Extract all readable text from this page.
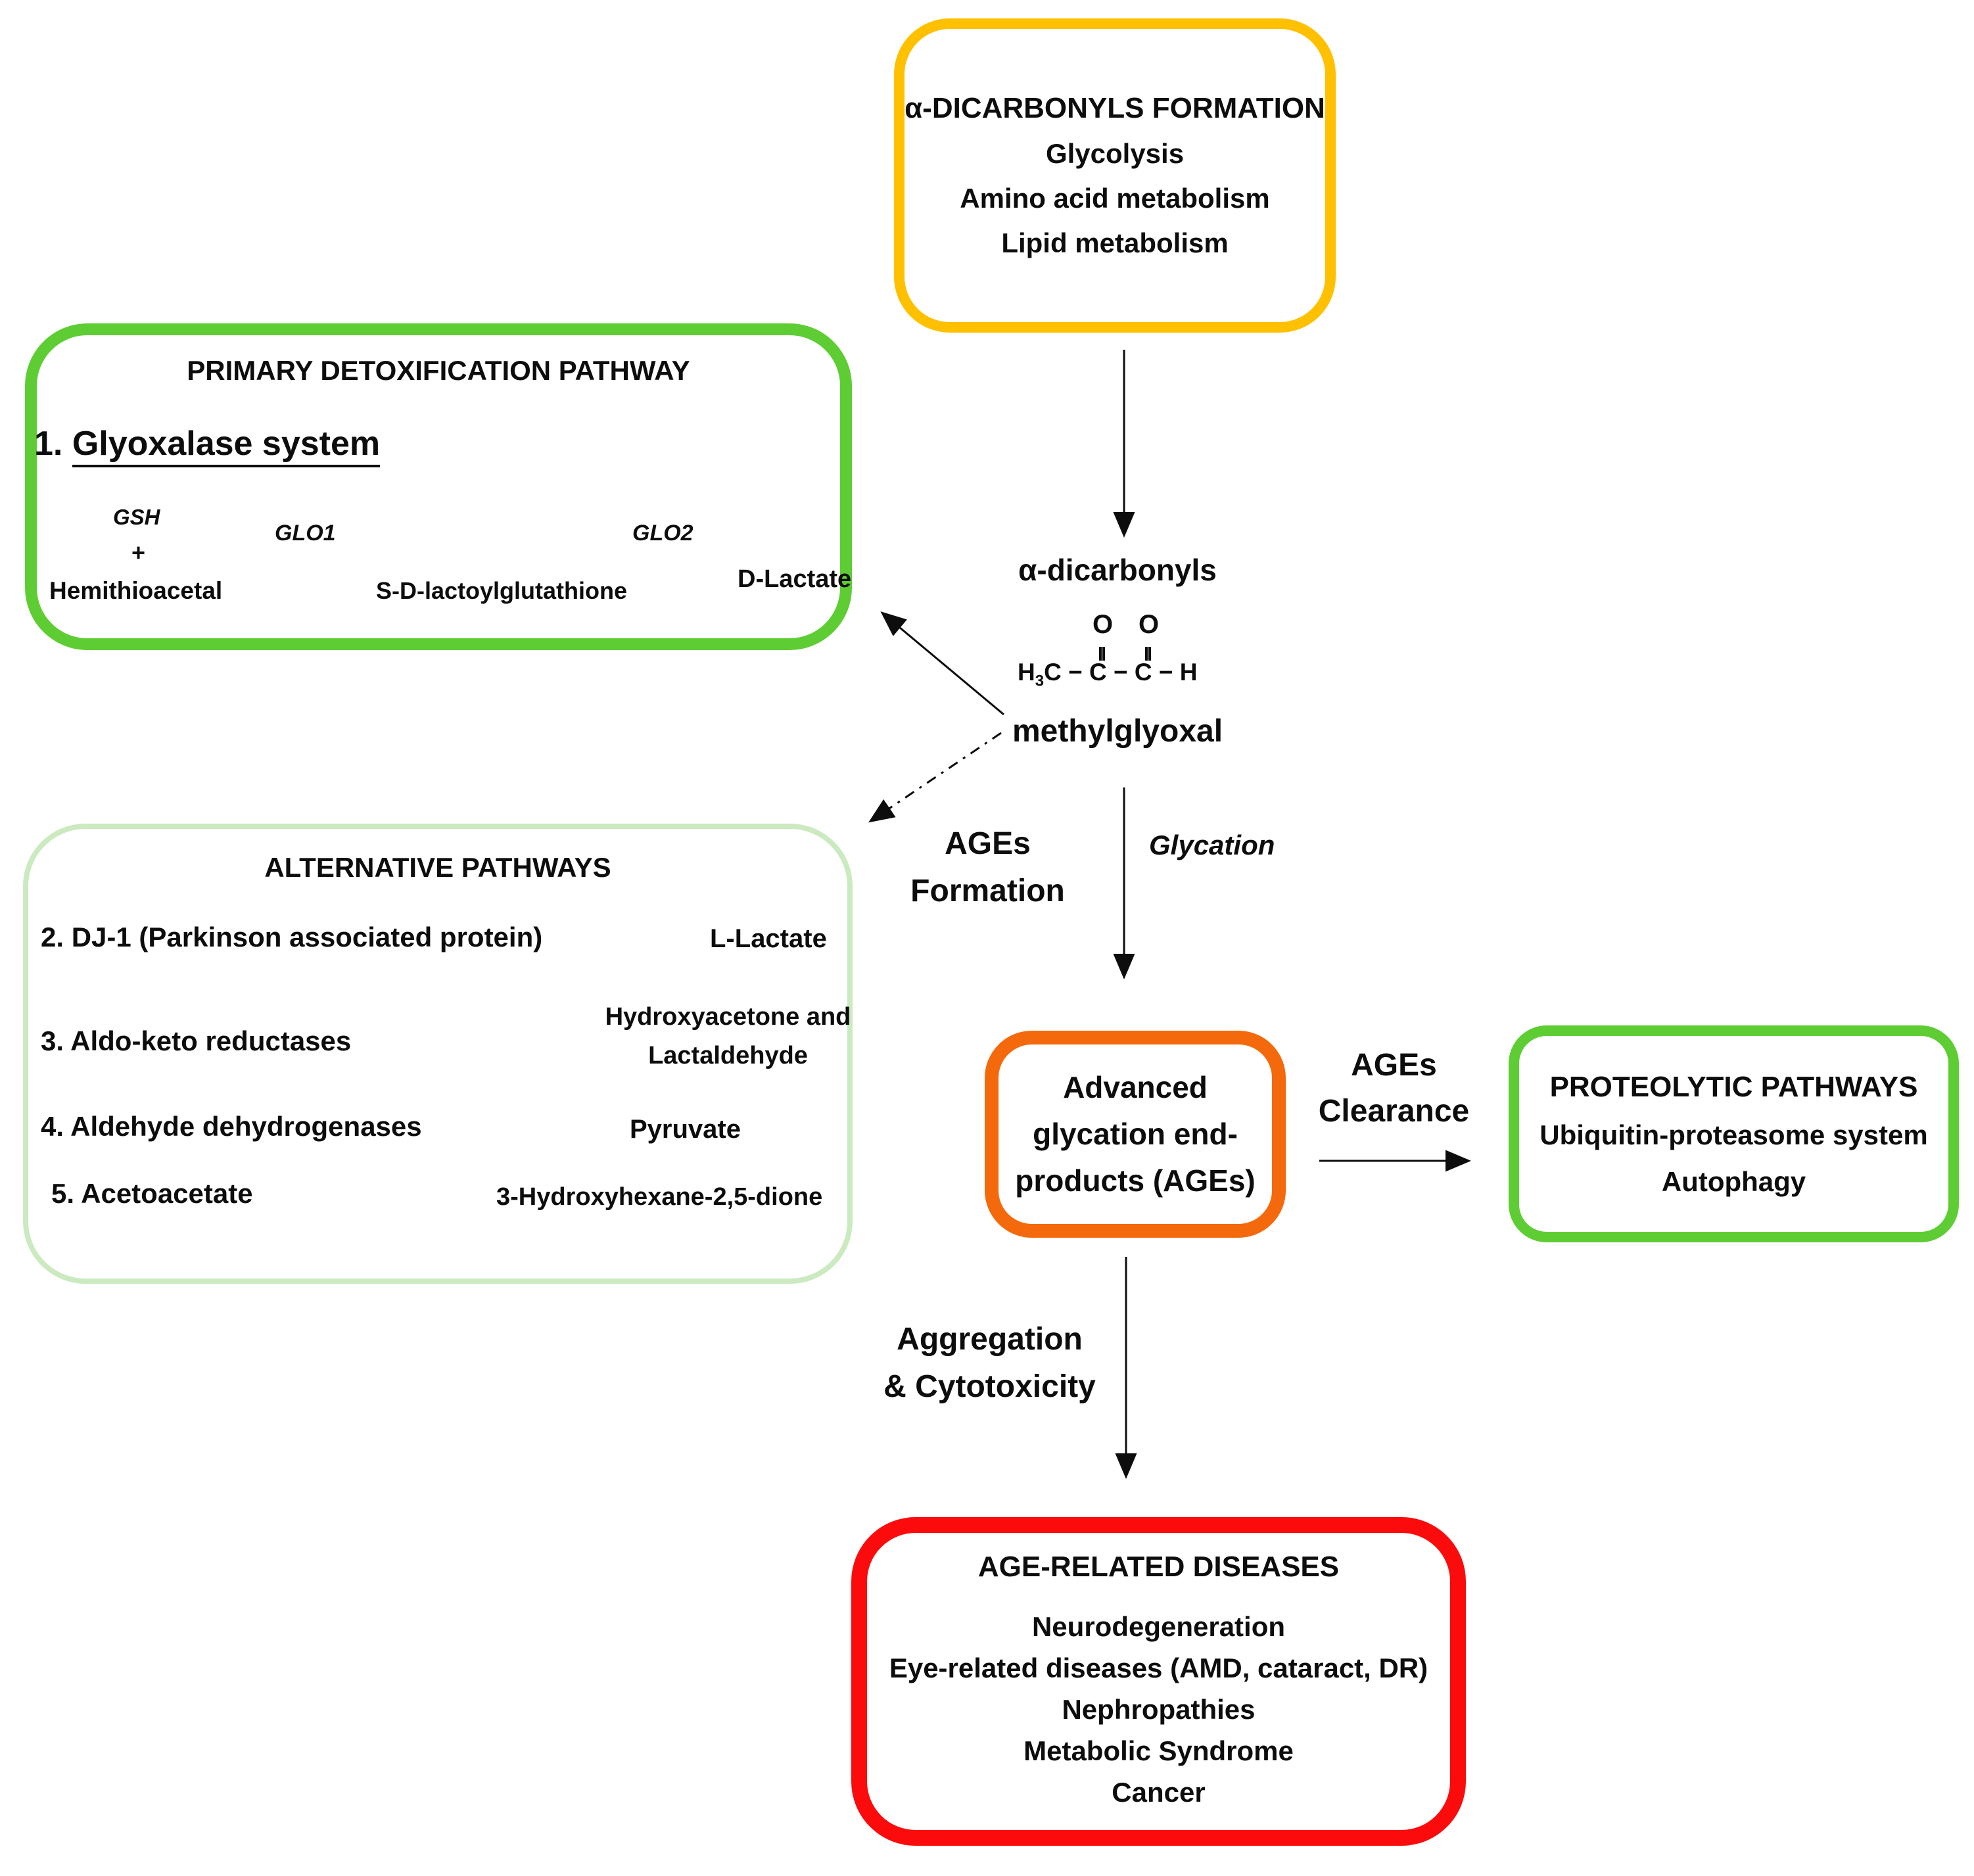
α-DICARBONYLS FORMATION
Glycolysis
Amino acid metabolism
Lipid metabolism
PRIMARY DETOXIFICATION PATHWAY
1. Glyoxalase system
GSH
+
GLO1	GLO2
Hemithioacetal	S-D-lactoylglutathione	D-Lactate	α-dicarbonyls
O O
$H_3C - C - C - H$
methylglyoxal
ALTERNATIVE PATHWAYS
2. DJ-1 (Parkinson associated protein)	L-Lactate
3. Aldo-keto reductases
Hydroxyacetone and
Lactaldehyde
4. Aldehyde dehydrogenases	Pyruvate
5. Acetoacetate	3-Hydroxyhexane-2,5-dione
AGEs
Formation
Glycation
Advanced
glycation end-
products (AGEs)
AGEs
Clearance
PROTEOLYTIC PATHWAYS
Ubiquitin-proteasome system
Autophagy
Aggregation
& Cytotoxicity
AGE-RELATED DISEASES
Neurodegeneration
Eye-related diseases (AMD, cataract, DR)
Nephropathies
Metabolic Syndrome
Cancer
